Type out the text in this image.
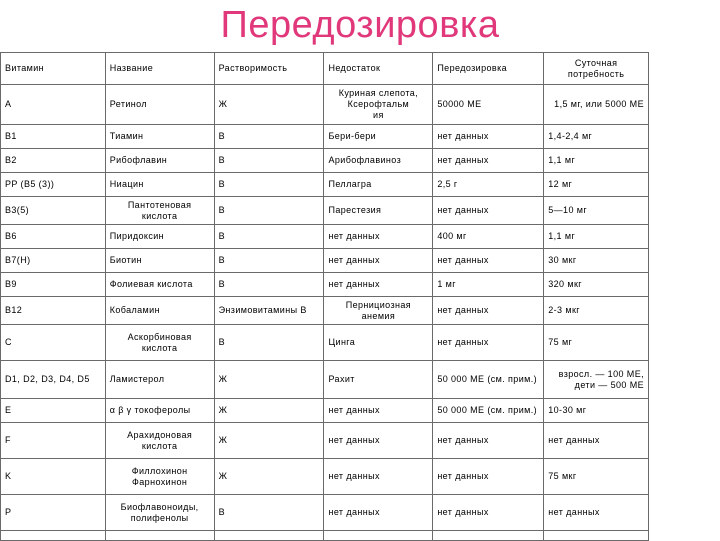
Передозировка
Витамин	Название	Растворимость	Недостаток	Передозировка	Суточная
потребность
A	Ретинол	Ж	Куриная слепота,
Ксерофтальм
ия	50000 МЕ	1,5 мг, или 5000 МЕ
B1	Тиамин	В	Бери-бери	нет данных	1,4-2,4 мг
B2	Рибофлавин	В	Арибофлавиноз	нет данных	1,1 мг
PP (B5 (3))	Ниацин	В	Пеллагра	2,5 г	12 мг
B3(5)	Пантотеновая
кислота	В	Парестезия	нет данных	5—10 мг
B6	Пиридоксин	В	нет данных	400 мг	1,1 мг
B7(H)	Биотин	В	нет данных	нет данных	30 мкг
B9	Фолиевая кислота	В	нет данных	1 мг	320 мкг
B12	Кобаламин	Энзимовитамины В	Пернициозная
анемия	нет данных	2-3 мкг
C	Аскорбиновая
кислота	В	Цинга	нет данных	75 мг
D1, D2, D3, D4, D5	Ламистерол	Ж	Рахит	50 000 МЕ (см. прим.)	взросл. — 100 МЕ,
дети — 500 МЕ
E	α β γ токоферолы	Ж	нет данных	50 000 МЕ (см. прим.)	10-30 мг
F	Арахидоновая
кислота	Ж	нет данных	нет данных	нет данных
K	Филлохинон
Фарнохинон	Ж	нет данных	нет данных	75 мкг
P	Биофлавоноиды,
полифенолы	В	нет данных	нет данных	нет данных
